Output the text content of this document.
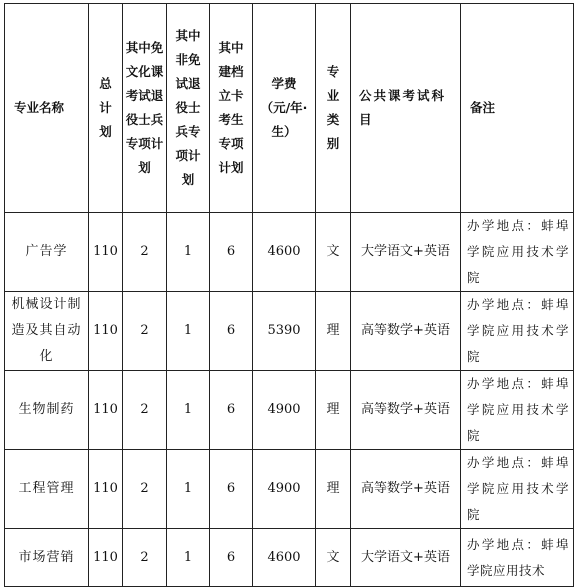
专业名称	总计划	其中免文化课考试退役士兵专项计划	其中非免试退役士兵专项计划	其中建档立卡考生专项计划	学费（元/年·生）	专业类别	公共课考试科目	备注
广告学	110	2	1	6	4600	文	大学语文+英语	办学地点：蚌埠学院应用技术学院
机械设计制造及其自动化	110	2	1	6	5390	理	高等数学+英语	办学地点：蚌埠学院应用技术学院
生物制药	110	2	1	6	4900	理	高等数学+英语	办学地点：蚌埠学院应用技术学院
工程管理	110	2	1	6	4900	理	高等数学+英语	办学地点：蚌埠学院应用技术学院
市场营销	110	2	1	6	4600	文	大学语文+英语	办学地点：蚌埠学院应用技术
